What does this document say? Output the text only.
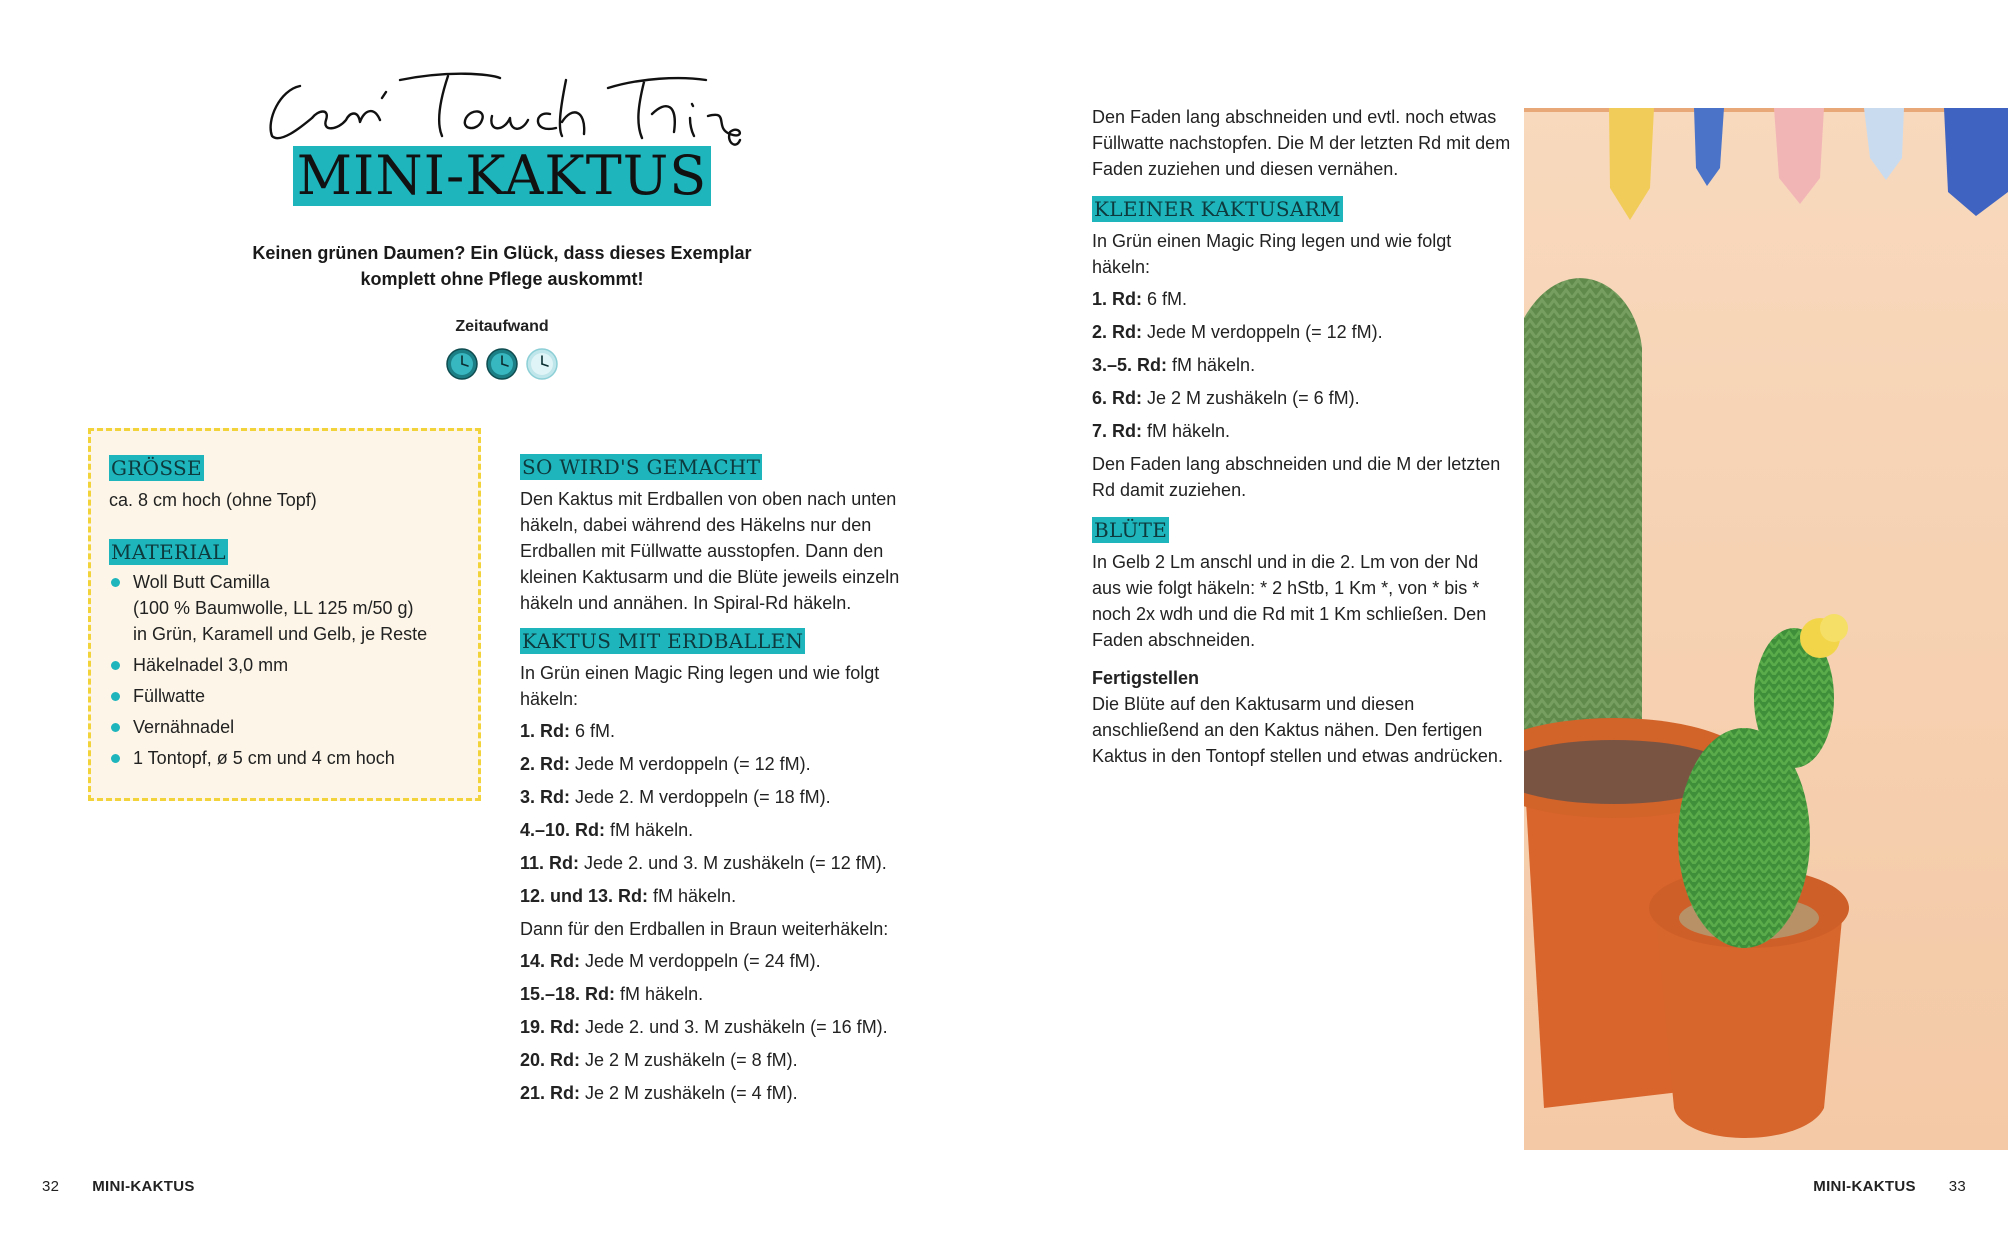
MINI-KAKTUS
Keinen grünen Daumen? Ein Glück, dass dieses Exemplar
komplett ohne Pflege auskommt!
Zeitaufwand
GRÖSSE
ca. 8 cm hoch (ohne Topf)
MATERIAL
Woll Butt Camilla
(100 % Baumwolle, LL 125 m/50 g)
in Grün, Karamell und Gelb, je Reste
Häkelnadel 3,0 mm
Füllwatte
Vernähnadel
1 Tontopf, ø 5 cm und 4 cm hoch
SO WIRD'S GEMACHT

Den Kaktus mit Erdballen von oben nach unten häkeln, dabei während des Häkelns nur den Erdballen mit Füllwatte ausstopfen. Dann den kleinen Kaktusarm und die Blüte jeweils einzeln häkeln und annähen. In Spiral-Rd häkeln.

KAKTUS MIT ERDBALLEN

In Grün einen Magic Ring legen und wie folgt häkeln:

1. Rd: 6 fM.
2. Rd: Jede M verdoppeln (= 12 fM).
3. Rd: Jede 2. M verdoppeln (= 18 fM).
4.–10. Rd: fM häkeln.
11. Rd: Jede 2. und 3. M zushäkeln (= 12 fM).
12. und 13. Rd: fM häkeln.

Dann für den Erdballen in Braun weiterhäkeln:

14. Rd: Jede M verdoppeln (= 24 fM).
15.–18. Rd: fM häkeln.
19. Rd: Jede 2. und 3. M zushäkeln (= 16 fM).
20. Rd: Je 2 M zushäkeln (= 8 fM).
21. Rd: Je 2 M zushäkeln (= 4 fM).
32 MINI-KAKTUS

Den Faden lang abschneiden und evtl. noch etwas Füllwatte nachstopfen. Die M der letzten Rd mit dem Faden zuziehen und diesen vernähen.

KLEINER KAKTUSARM

In Grün einen Magic Ring legen und wie folgt häkeln:

1. Rd: 6 fM.
2. Rd: Jede M verdoppeln (= 12 fM).
3.–5. Rd: fM häkeln.
6. Rd: Je 2 M zushäkeln (= 6 fM).
7. Rd: fM häkeln.

Den Faden lang abschneiden und die M der letzten Rd damit zuziehen.

BLÜTE

In Gelb 2 Lm anschl und in die 2. Lm von der Nd aus wie folgt häkeln: * 2 hStb, 1 Km *, von * bis * noch 2x wdh und die Rd mit 1 Km schließen. Den Faden abschneiden.

Fertigstellen

Die Blüte auf den Kaktusarm und diesen anschließend an den Kaktus nähen. Den fertigen Kaktus in den Tontopf stellen und etwas andrücken.

MINI-KAKTUS 33
